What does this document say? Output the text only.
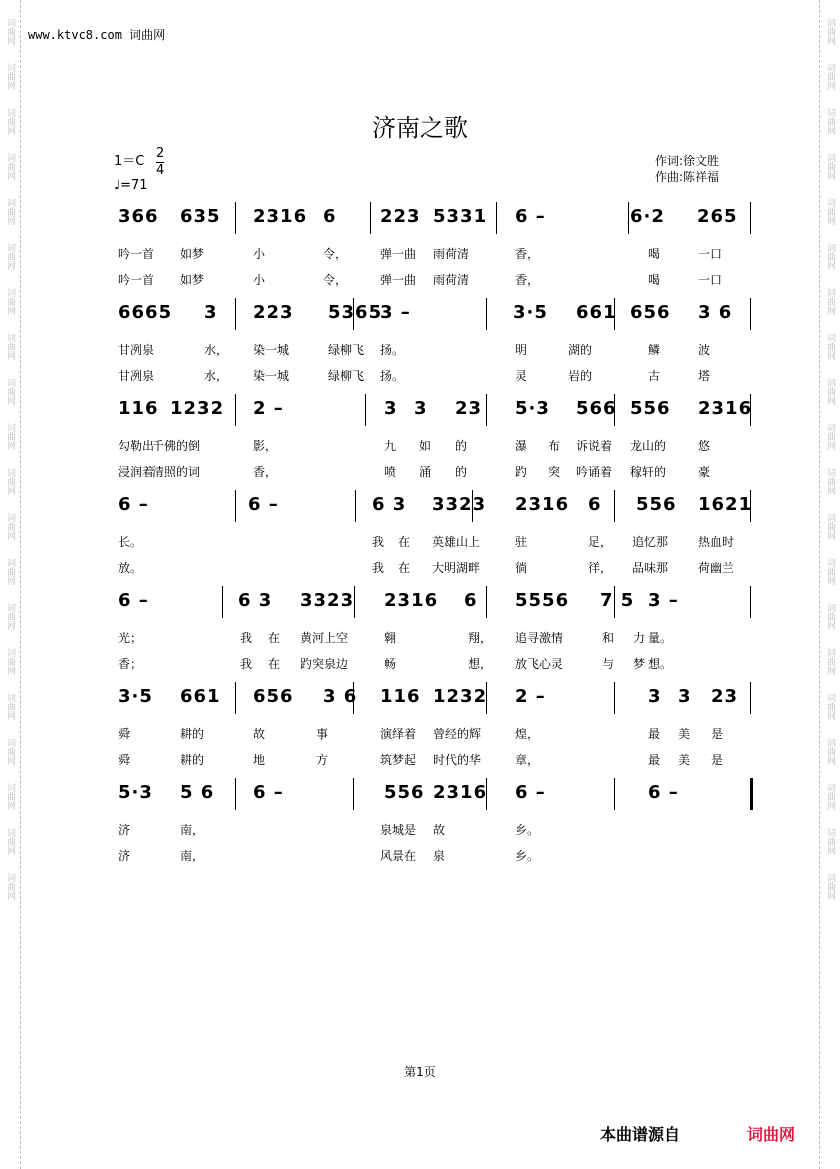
词曲网
词曲网
词曲网
词曲网
词曲网
词曲网
词曲网
词曲网
词曲网
词曲网
词曲网
词曲网
词曲网
词曲网
词曲网
词曲网
词曲网
词曲网
词曲网
词曲网
词曲网
词曲网
词曲网
词曲网
词曲网
词曲网
词曲网
词曲网
词曲网
词曲网
词曲网
词曲网
词曲网
词曲网
词曲网
词曲网
词曲网
词曲网
词曲网
词曲网
www.ktvc8.com 词曲网
济南之歌
1＝C
2
4
♩=71
作词:徐文胜
作曲:陈祥福
366 635 2316 6 223 5331 6 –	6·2 265
吟一首 如梦	小	令，	弹一曲 雨荷清	香，	喝	一口
吟一首 如梦	小	令，	弹一曲 雨荷清	香，	喝	一口
6665 3 223 5365
3 –	3·5 661 656 3 6
甘冽泉	水， 染一城	绿柳飞 扬。	明	湖的	鳞	波
甘冽泉	水， 染一城	绿柳飞 扬。	灵	岩的	古	塔
116 1232 2 –	3 3 23 5·3 566 556 2316
勾勒出
千佛的倒	影，	九 如 的	瀑 布 诉说着 龙山的	悠
浸润着
清照的词	香，	喷 涌 的	趵 突 吟诵着 稼轩的	豪
6 –	6 –	6 3 3323 2316 6 556 1621
长。	我 在 英雄山上	驻	足， 追忆那 热血时
放。	我 在 大明湖畔	徜	徉， 品味那 荷幽兰
6 –	6 3 3323 2316 6 5556 7 5 3 –
光；	我 在 黄河上空	翱	翔， 追寻激情	和 力 量。
香；	我 在 趵突泉边	畅	想， 放飞心灵	与 梦 想。
3·5 661 656 3 6 116 1232 2 –	3 3 23
舜	耕的	故	事	演绎着 曾经的辉	煌，	最 美 是
舜	耕的	地	方	筑梦起 时代的华	章，	最 美 是
5·3 5 6 6 –	556 2316 6 –	6 –
济	南，	泉城是 故	乡。
济	南，	风景在 泉	乡。
第1页
本曲谱源自	词曲网
